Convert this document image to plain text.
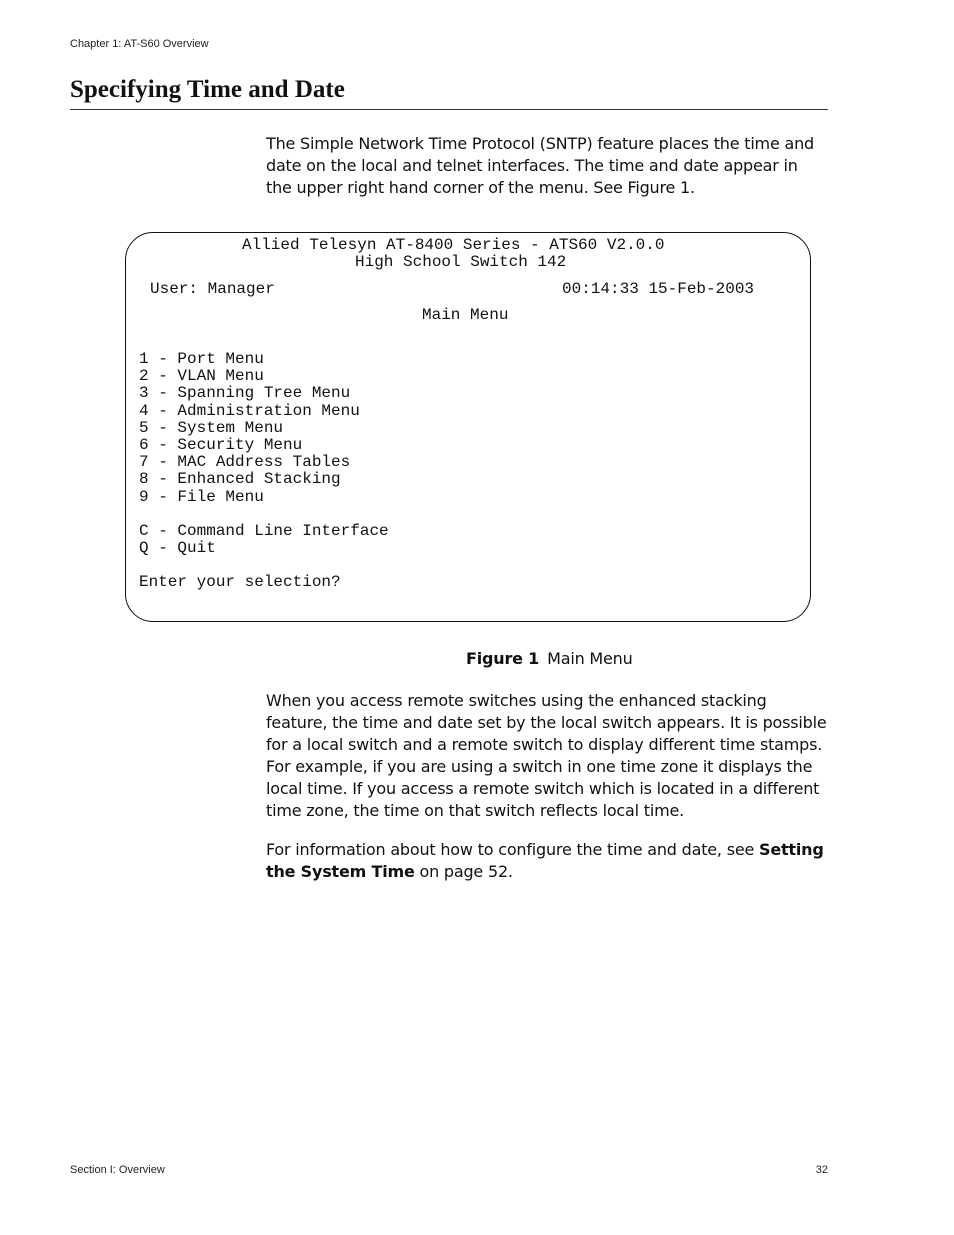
Chapter 1: AT-S60 Overview
Specifying Time and Date

The Simple Network Time Protocol (SNTP) feature places the time and date on the local and telnet interfaces. The time and date appear in the upper right hand corner of the menu. See Figure 1.

Allied Telesyn AT-8400 Series - ATS60 V2.0.0
High School Switch 142
User: Manager	00:14:33 15-Feb-2003
Main Menu
1 - Port Menu
2 - VLAN Menu
3 - Spanning Tree Menu
4 - Administration Menu
5 - System Menu
6 - Security Menu
7 - MAC Address Tables
8 - Enhanced Stacking
9 - File Menu
C - Command Line Interface
Q - Quit
Enter your selection?
Figure 1 Main Menu

When you access remote switches using the enhanced stacking feature, the time and date set by the local switch appears. It is possible for a local switch and a remote switch to display different time stamps. For example, if you are using a switch in one time zone it displays the local time. If you access a remote switch which is located in a different time zone, the time on that switch reflects local time.

For information about how to configure the time and date, see Setting the System Time on page 52.

Section I: Overview	32
